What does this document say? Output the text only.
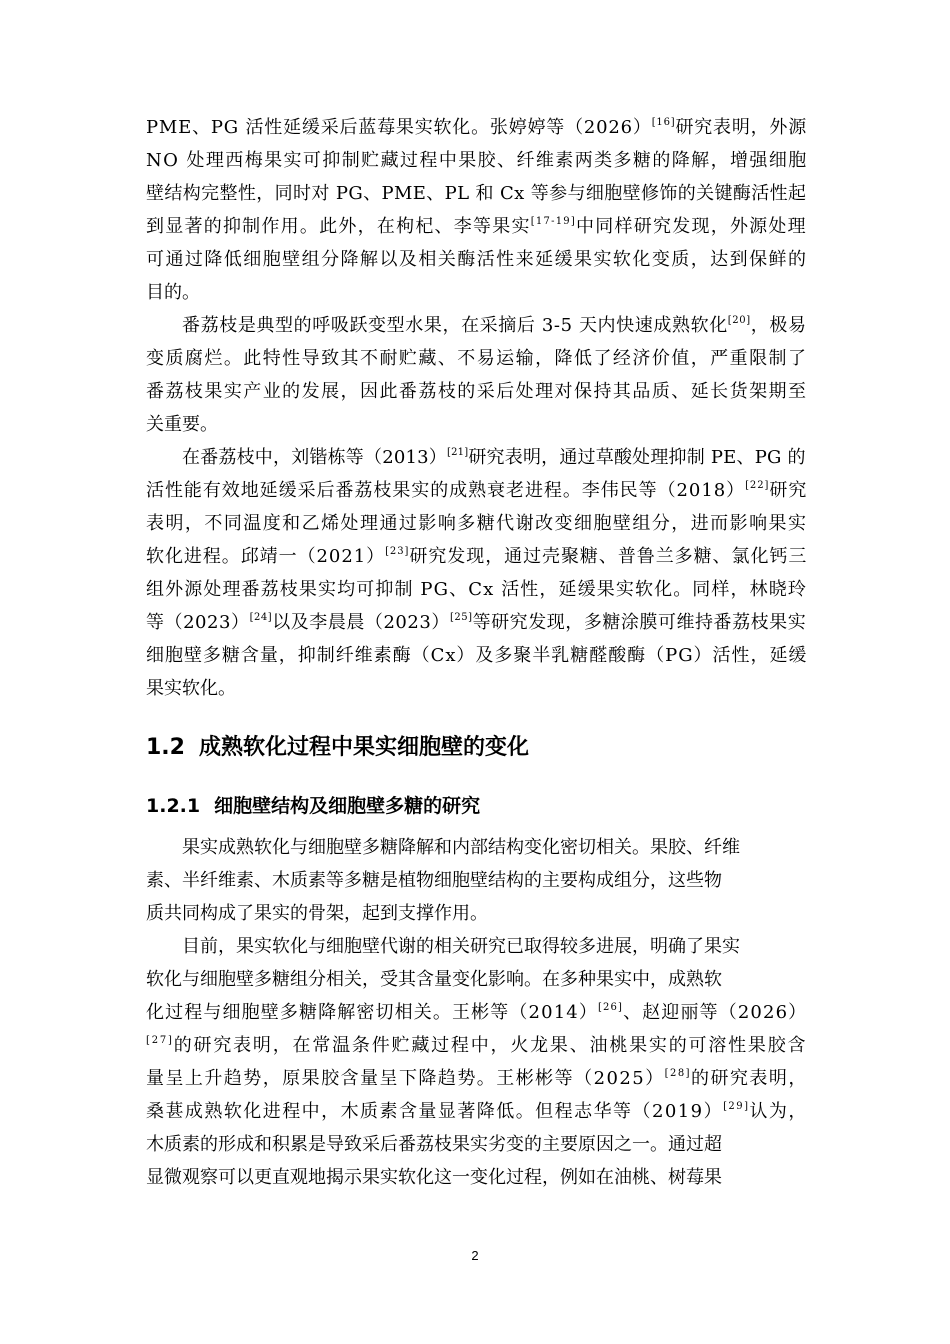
PME、PG 活性延缓采后蓝莓果实软化。张婷婷等（2026）[16]研究表明，外源
NO 处理西梅果实可抑制贮藏过程中果胶、纤维素两类多糖的降解，增强细胞
壁结构完整性，同时对 PG、PME、PL 和 Cx 等参与细胞壁修饰的关键酶活性起
到显著的抑制作用。此外，在枸杞、李等果实[17-19]中同样研究发现，外源处理
可通过降低细胞壁组分降解以及相关酶活性来延缓果实软化变质，达到保鲜的
目的。
番荔枝是典型的呼吸跃变型水果，在采摘后 3-5 天内快速成熟软化[20]，极易
变质腐烂。此特性导致其不耐贮藏、不易运输，降低了经济价值，严重限制了
番荔枝果实产业的发展，因此番荔枝的采后处理对保持其品质、延长货架期至
关重要。
在番荔枝中，刘锴栋等（2013）[21]研究表明，通过草酸处理抑制 PE、PG 的
活性能有效地延缓采后番荔枝果实的成熟衰老进程。李伟民等（2018）[22]研究
表明，不同温度和乙烯处理通过影响多糖代谢改变细胞壁组分，进而影响果实
软化进程。邱靖一（2021）[23]研究发现，通过壳聚糖、普鲁兰多糖、氯化钙三
组外源处理番荔枝果实均可抑制 PG、Cx 活性，延缓果实软化。同样，林晓玲
等（2023）[24]以及李晨晨（2023）[25]等研究发现，多糖涂膜可维持番荔枝果实
细胞壁多糖含量，抑制纤维素酶（Cx）及多聚半乳糖醛酸酶（PG）活性，延缓
果实软化。
1.2 成熟软化过程中果实细胞壁的变化
1.2.1 细胞壁结构及细胞壁多糖的研究
果实成熟软化与细胞壁多糖降解和内部结构变化密切相关。果胶、纤维
素、半纤维素、木质素等多糖是植物细胞壁结构的主要构成组分，这些物
质共同构成了果实的骨架，起到支撑作用。
目前，果实软化与细胞壁代谢的相关研究已取得较多进展，明确了果实
软化与细胞壁多糖组分相关，受其含量变化影响。在多种果实中，成熟软
化过程与细胞壁多糖降解密切相关。王彬等（2014）[26]、赵迎丽等（2026）
[27]的研究表明，在常温条件贮藏过程中，火龙果、油桃果实的可溶性果胶含
量呈上升趋势，原果胶含量呈下降趋势。王彬彬等（2025）[28]的研究表明，
桑葚成熟软化进程中，木质素含量显著降低。但程志华等（2019）[29]认为，
木质素的形成和积累是导致采后番荔枝果实劣变的主要原因之一。通过超
显微观察可以更直观地揭示果实软化这一变化过程，例如在油桃、树莓果
2
